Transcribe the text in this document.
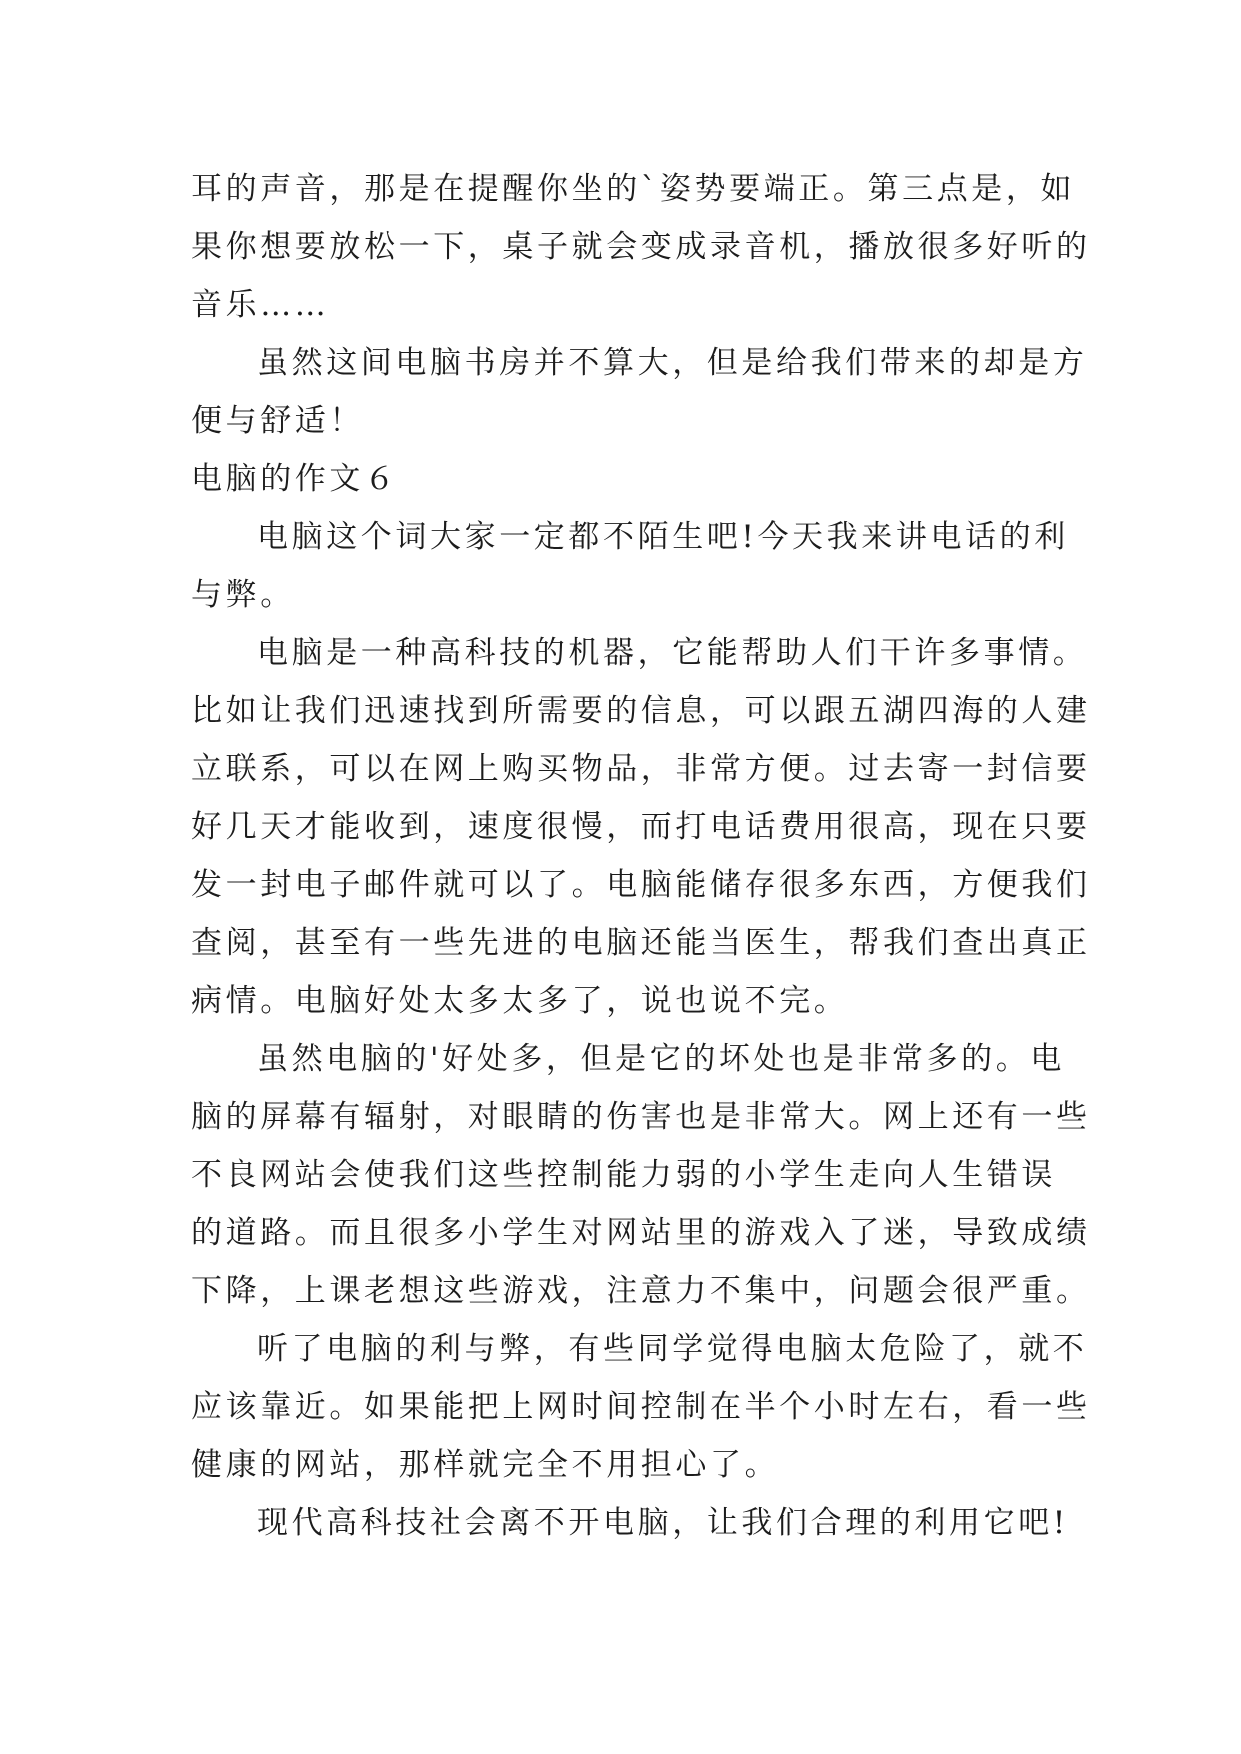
耳的声音，那是在提醒你坐的`姿势要端正。第三点是，如
果你想要放松一下，桌子就会变成录音机，播放很多好听的
音乐……
虽然这间电脑书房并不算大，但是给我们带来的却是方
便与舒适！
电脑的作文６
电脑这个词大家一定都不陌生吧!今天我来讲电话的利
与弊。
电脑是一种高科技的机器，它能帮助人们干许多事情。
比如让我们迅速找到所需要的信息，可以跟五湖四海的人建
立联系，可以在网上购买物品，非常方便。过去寄一封信要
好几天才能收到，速度很慢，而打电话费用很高，现在只要
发一封电子邮件就可以了。电脑能储存很多东西，方便我们
查阅，甚至有一些先进的电脑还能当医生，帮我们查出真正
病情。电脑好处太多太多了，说也说不完。
虽然电脑的'好处多，但是它的坏处也是非常多的。电
脑的屏幕有辐射，对眼睛的伤害也是非常大。网上还有一些
不良网站会使我们这些控制能力弱的小学生走向人生错误
的道路。而且很多小学生对网站里的游戏入了迷，导致成绩
下降，上课老想这些游戏，注意力不集中，问题会很严重。
听了电脑的利与弊，有些同学觉得电脑太危险了，就不
应该靠近。如果能把上网时间控制在半个小时左右，看一些
健康的网站，那样就完全不用担心了。
现代高科技社会离不开电脑，让我们合理的利用它吧!
